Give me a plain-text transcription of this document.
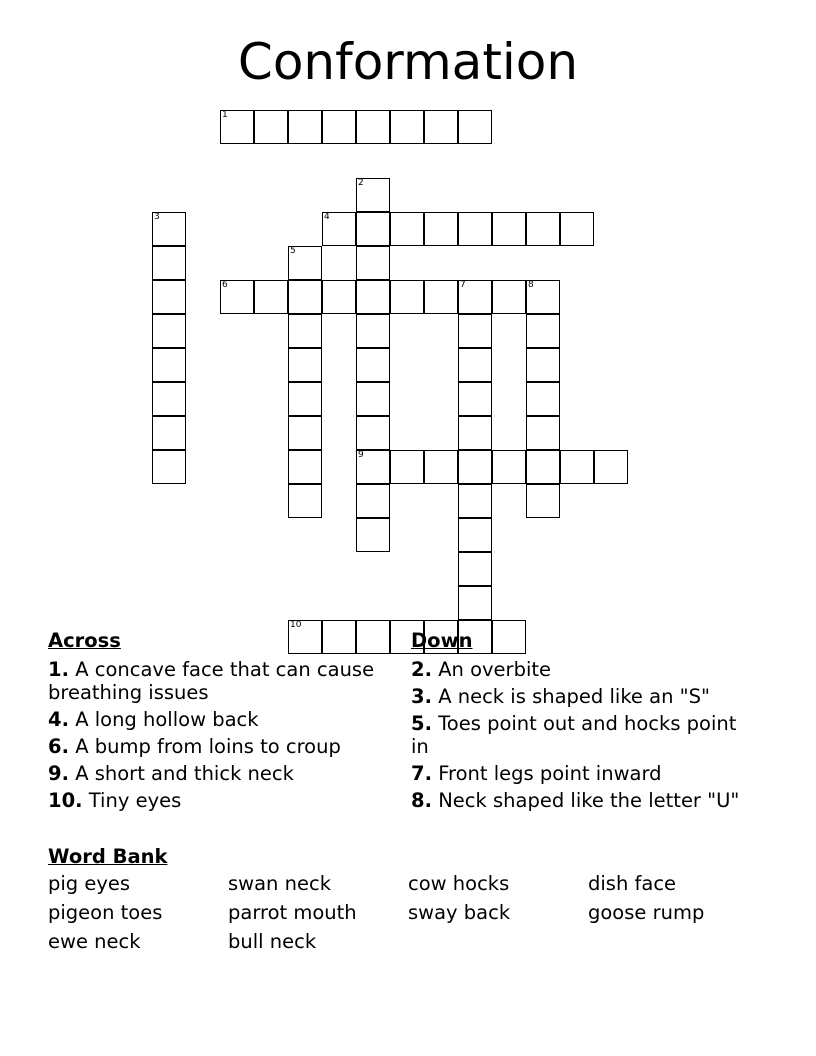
Conformation
1
2
9
3	4
5
6	7	8
10
Across
1. A concave face that can cause breathing issues
4. A long hollow back
6. A bump from loins to croup
9. A short and thick neck
10. Tiny eyes
Down
2. An overbite
3. A neck is shaped like an "S"
5. Toes point out and hocks point in
7. Front legs point inward
8. Neck shaped like the letter "U"
Word Bank
pig eyes	swan neck	cow hocks	dish face
pigeon toes	parrot mouth	sway back	goose rump
ewe neck	bull neck
